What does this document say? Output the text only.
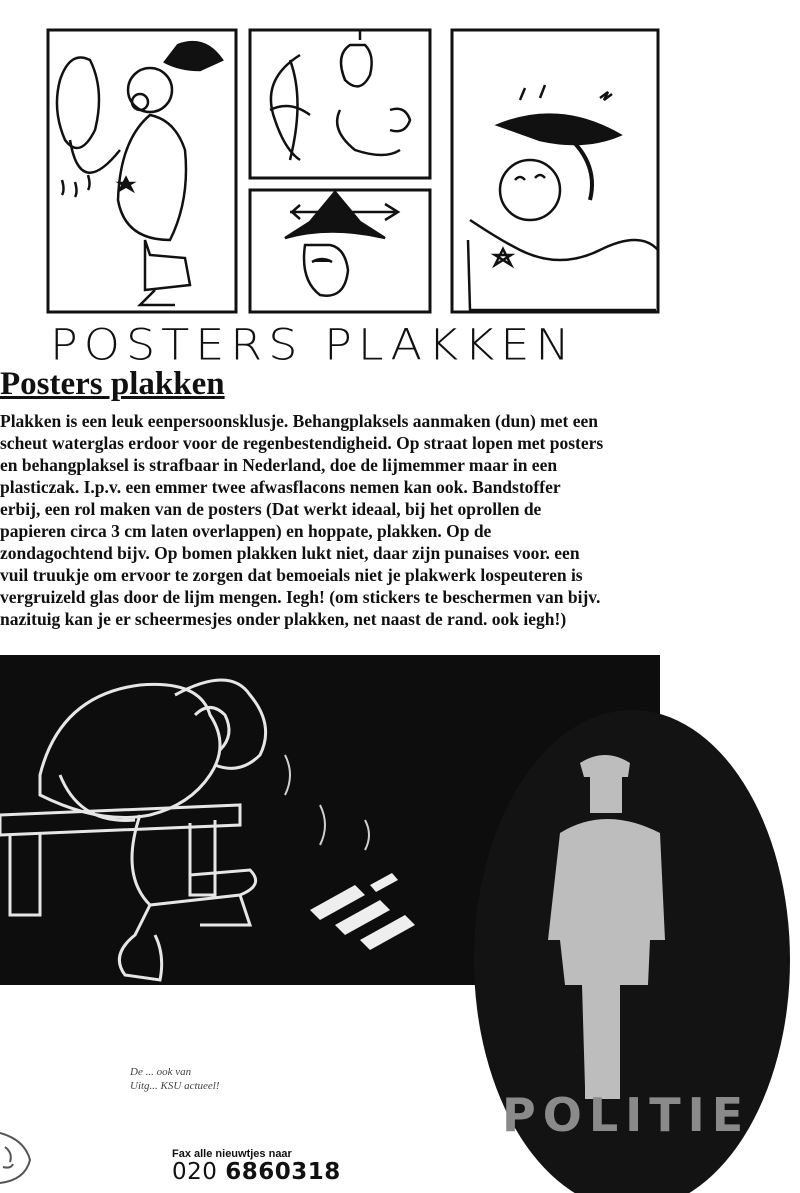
POSTERS PLAKKEN
Posters plakken
Plakken is een leuk eenpersoonsklusje. Behangplaksels aanmaken (dun) met een
scheut waterglas erdoor voor de regenbestendigheid. Op straat lopen met posters
en behangplaksel is strafbaar in Nederland, doe de lijmemmer maar in een
plasticzak. I.p.v. een emmer twee afwasflacons nemen kan ook. Bandstoffer
erbij, een rol maken van de posters (Dat werkt ideaal, bij het oprollen de
papieren circa 3 cm laten overlappen) en hoppate, plakken. Op de
zondagochtend bijv. Op bomen plakken lukt niet, daar zijn punaises voor. een
vuil truukje om ervoor te zorgen dat bemoeials niet je plakwerk lospeuteren is
vergruizeld glas door de lijm mengen. Iegh! (om stickers te beschermen van bijv.
nazituig kan je er scheermesjes onder plakken, net naast de rand. ook iegh!)
POLITIE
De ... ook van
Uitg... KSU actueel!
Fax alle nieuwtjes naar
020 6860318
